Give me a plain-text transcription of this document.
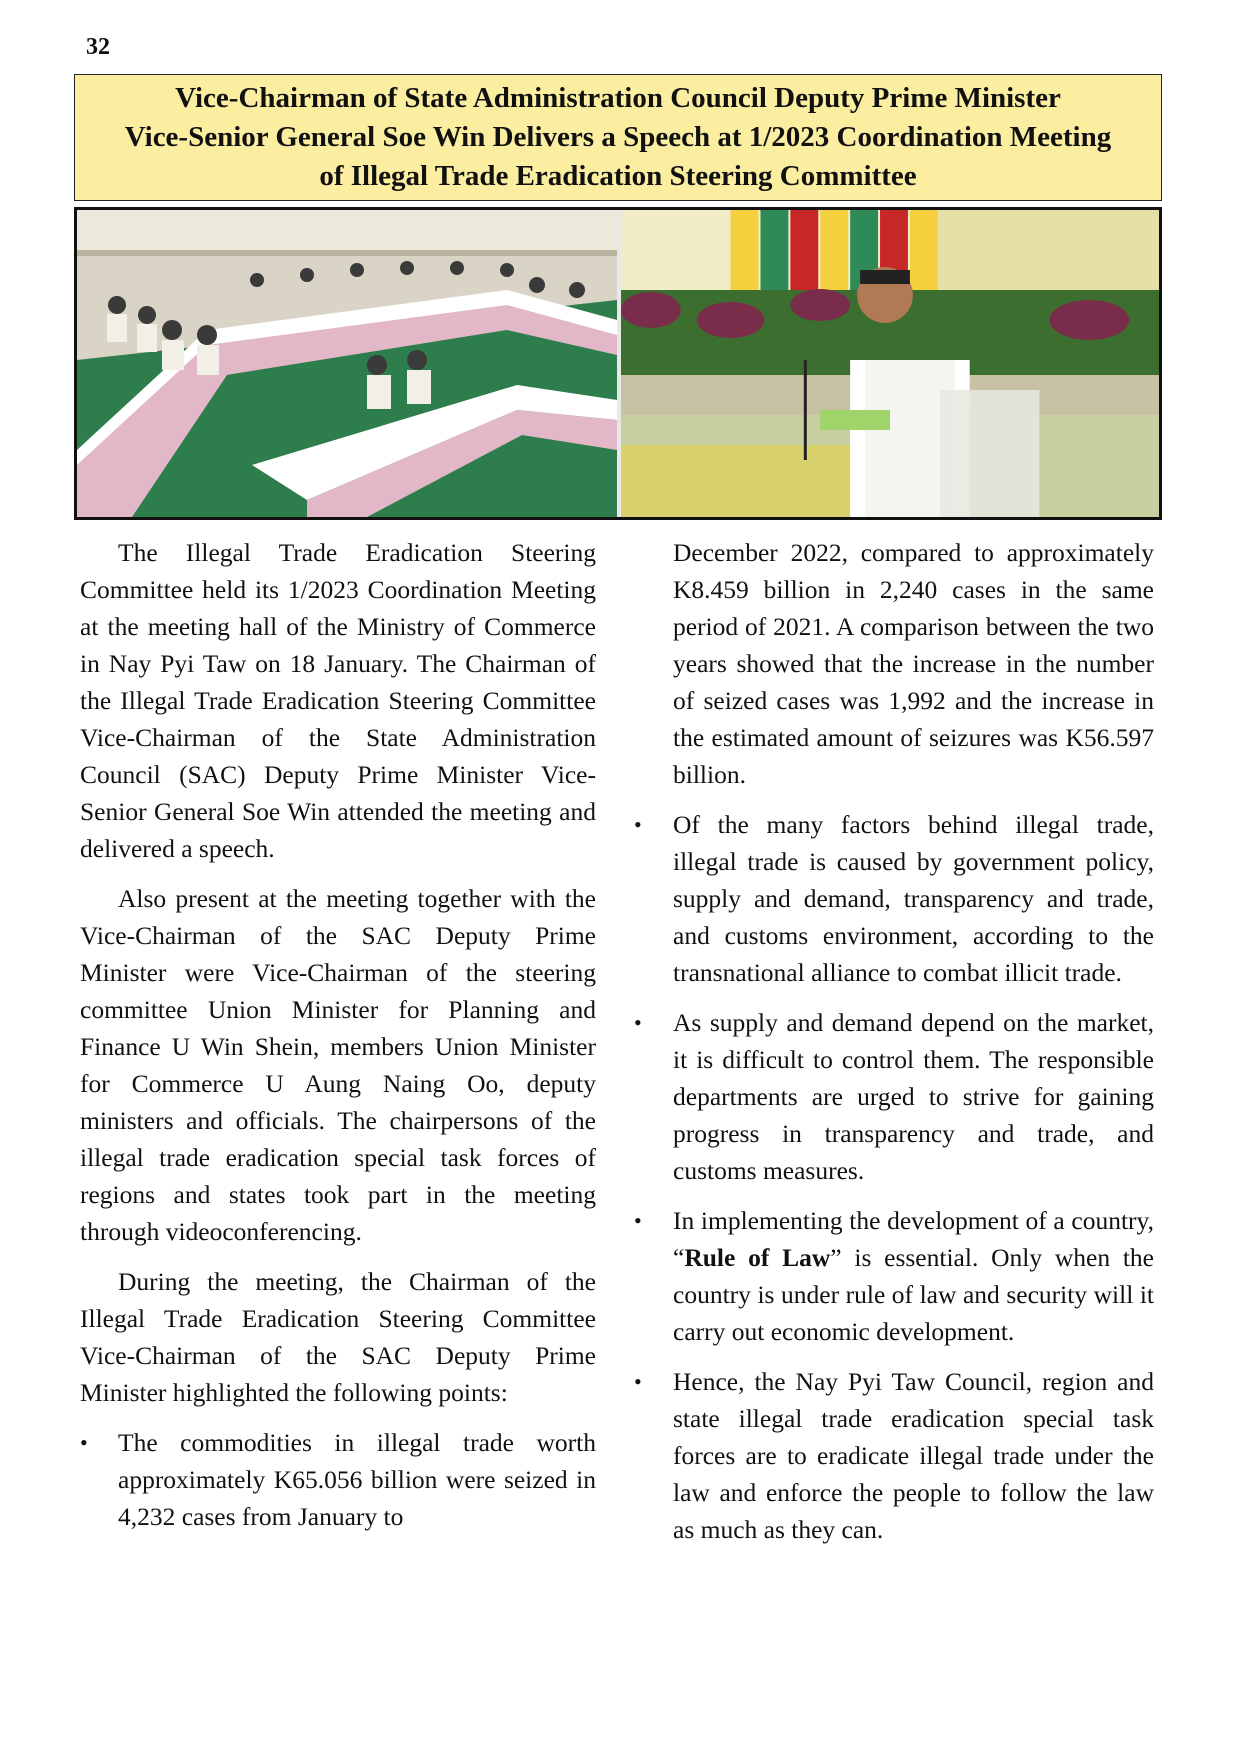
32
Vice-Chairman of State Administration Council Deputy Prime Minister
Vice-Senior General Soe Win Delivers a Speech at 1/2023 Coordination Meeting
of Illegal Trade Eradication Steering Committee

The Illegal Trade Eradication Steering Committee held its 1/2023 Coordination Meeting at the meeting hall of the Ministry of Commerce in Nay Pyi Taw on 18 January. The Chairman of the Illegal Trade Eradication Steering Committee Vice-Chairman of the State Administration Council (SAC) Deputy Prime Minister Vice-Senior General Soe Win attended the meeting and delivered a speech.

Also present at the meeting together with the Vice-Chairman of the SAC Deputy Prime Minister were Vice-Chairman of the steering committee Union Minister for Planning and Finance U Win Shein, members Union Minister for Commerce U Aung Naing Oo, deputy ministers and officials. The chairpersons of the illegal trade eradication special task forces of regions and states took part in the meeting through videoconferencing.

During the meeting, the Chairman of the Illegal Trade Eradication Steering Committee Vice-Chairman of the SAC Deputy Prime Minister highlighted the following points:

• The commodities in illegal trade worth approximately K65.056 billion were seized in 4,232 cases from January to
December 2022, compared to approximately K8.459 billion in 2,240 cases in the same period of 2021. A comparison between the two years showed that the increase in the number of seized cases was 1,992 and the increase in the estimated amount of seizures was K56.597 billion.
• Of the many factors behind illegal trade, illegal trade is caused by government policy, supply and demand, transparency and trade, and customs environment, according to the transnational alliance to combat illicit trade.
• As supply and demand depend on the market, it is difficult to control them. The responsible departments are urged to strive for gaining progress in transparency and trade, and customs measures.
• In implementing the development of a country, “Rule of Law” is essential. Only when the country is under rule of law and security will it carry out economic development.
• Hence, the Nay Pyi Taw Council, region and state illegal trade eradication special task forces are to eradicate illegal trade under the law and enforce the people to follow the law as much as they can.
